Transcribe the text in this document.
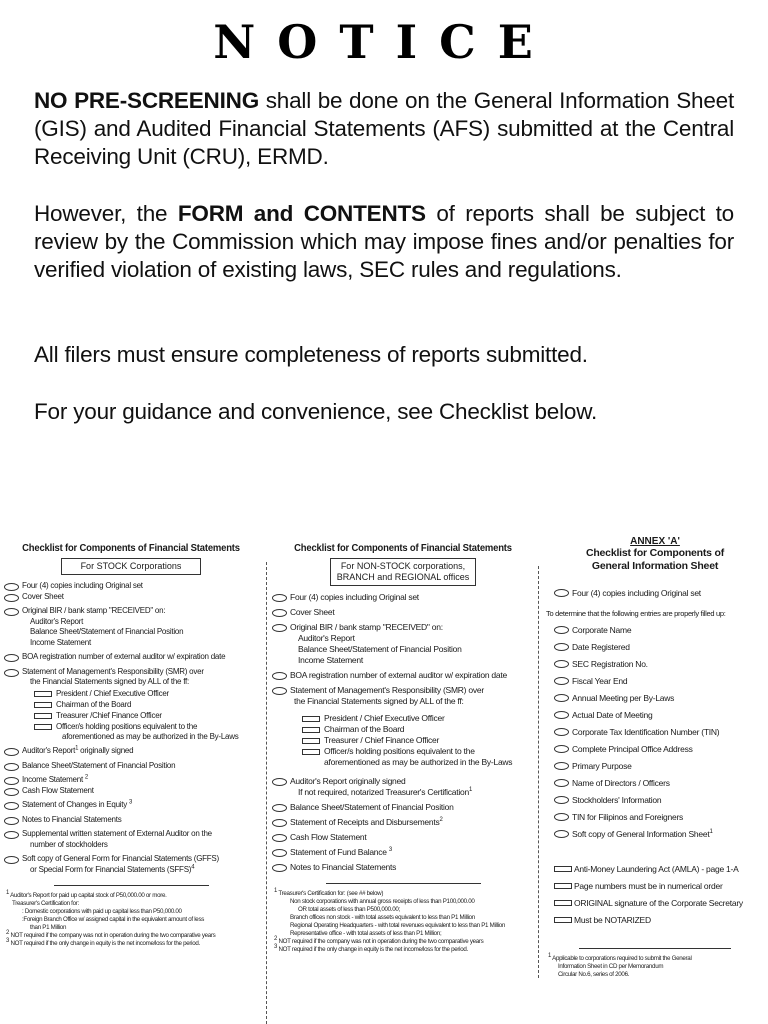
NOTICE
NO PRE-SCREENING shall be done on the General Information Sheet (GIS) and Audited Financial Statements (AFS) submitted at the Central Receiving Unit (CRU), ERMD.
However, the FORM and CONTENTS of reports shall be subject to review by the Commission which may impose fines and/or penalties for verified violation of existing laws, SEC rules and regulations.
All filers must ensure completeness of reports submitted.
For your guidance and convenience, see Checklist below.
Checklist for Components of Financial Statements
For STOCK Corporations
Four (4) copies including Original set
Cover Sheet
Original BIR / bank stamp "RECEIVED" on:
Auditor's Report
Balance Sheet/Statement of Financial Position
Income Statement
BOA registration number of external auditor w/ expiration date
Statement of Management's Responsibility (SMR) over
the Financial Statements signed by ALL of the ff:
President / Chief Executive Officer
Chairman of the Board
Treasurer /Chief Finance Officer
Officer/s holding positions equivalent to the
aforementioned as may be authorized in the By-Laws
Auditor's Report$^1$ originally signed
Balance Sheet/Statement of Financial Position
Income Statement $^2$
Cash Flow Statement
Statement of Changes in Equity $^3$
Notes to Financial Statements
Supplemental written statement of External Auditor on the
number of stockholders
Soft copy of General Form for Financial Statements (GFFS)
or Special Form for Financial Statements (SFFS)$^4$
$^1$ Auditor's Report for paid up capital stock of P50,000.00 or more.
Treasurer's Certification for:
: Domestic corporations with paid up capital less than P50,000.00
:Foreign Branch Office w/ assigned capital in the equivalent amount of less
than P1 Million
$^2$ NOT required if the company was not in operation during the two comparative years
$^3$ NOT required if the only change in equity is the net income/loss for the period.
Checklist for Components of Financial Statements
For NON-STOCK corporations,
BRANCH and REGIONAL offices
Four (4) copies including Original set
Cover Sheet
Original BIR / bank stamp "RECEIVED" on:
Auditor's Report
Balance Sheet/Statement of Financial Position
Income Statement
BOA registration number of external auditor w/ expiration date
Statement of Management's Responsibility (SMR) over
the Financial Statements signed by ALL of the ff:
President / Chief Executive Officer
Chairman of the Board
Treasurer / Chief Finance Officer
Officer/s holding positions equivalent to the
aforementioned as may be authorized in the By-Laws
Auditor's Report originally signed
If not required, notarized Treasurer's Certification$^1$
Balance Sheet/Statement of Financial Position
Statement of Receipts and Disbursements$^2$
Cash Flow Statement
Statement of Fund Balance $^3$
Notes to Financial Statements
$^1$ Treasurer's Certification for: (see ## below)
Non stock corporations with annual gross receipts of less than P100,000.00
OR total assets of less than P500,000.00;
Branch offices non stock - with total assets equivalent to less than P1 Million
Regional Operating Headquarters - with total revenues equivalent to less than P1 Million
Representative office - with total assets of less than P1 Million;
$^2$ NOT required if the company was not in operation during the two comparative years
$^3$ NOT required if the only change in equity is the net income/loss for the period.
ANNEX 'A'
Checklist for Components of
General Information Sheet
Four (4) copies including Original set
To determine that the following entries are properly filled up:
Corporate Name
Date Registered
SEC Registration No.
Fiscal Year End
Annual Meeting per By-Laws
Actual Date of Meeting
Corporate Tax Identification Number (TIN)
Complete Principal Office Address
Primary Purpose
Name of Directors / Officers
Stockholders' Information
TIN for Filipinos and Foreigners
Soft copy of General Information Sheet$^1$
Anti-Money Laundering Act (AMLA) - page 1-A
Page numbers must be in numerical order
ORIGINAL signature of the Corporate Secretary
Must be NOTARIZED
$^1$ Applicable to corporations required to submit the General
Information Sheet in CD per Memorandum
Circular No.6, series of 2006.
